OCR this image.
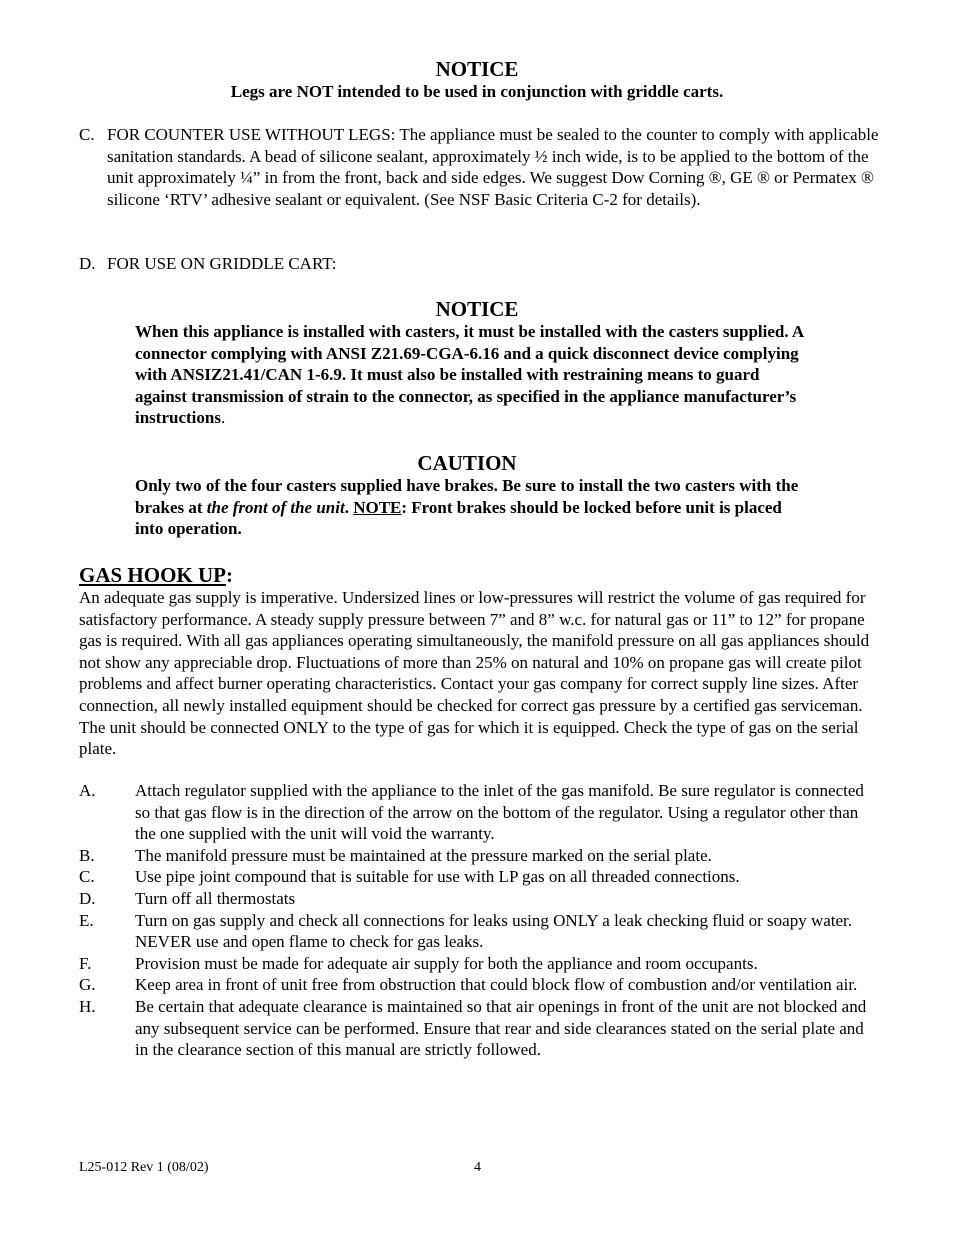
NOTICE
Legs are NOT intended to be used in conjunction with griddle carts.
C. FOR COUNTER USE WITHOUT LEGS: The appliance must be sealed to the counter to comply with applicable sanitation standards. A bead of silicone sealant, approximately ½ inch wide, is to be applied to the bottom of the unit approximately ¼” in from the front, back and side edges. We suggest Dow Corning ®, GE ® or Permatex ® silicone ‘RTV’ adhesive sealant or equivalent. (See NSF Basic Criteria C-2 for details).
D. FOR USE ON GRIDDLE CART:
NOTICE
When this appliance is installed with casters, it must be installed with the casters supplied. A connector complying with ANSI Z21.69-CGA-6.16 and a quick disconnect device complying with ANSIZ21.41/CAN 1-6.9. It must also be installed with restraining means to guard against transmission of strain to the connector, as specified in the appliance manufacturer’s instructions.
CAUTION
Only two of the four casters supplied have brakes. Be sure to install the two casters with the brakes at the front of the unit. NOTE: Front brakes should be locked before unit is placed into operation.
GAS HOOK UP:
An adequate gas supply is imperative. Undersized lines or low-pressures will restrict the volume of gas required for satisfactory performance. A steady supply pressure between 7” and 8” w.c. for natural gas or 11” to 12” for propane gas is required. With all gas appliances operating simultaneously, the manifold pressure on all gas appliances should not show any appreciable drop. Fluctuations of more than 25% on natural and 10% on propane gas will create pilot problems and affect burner operating characteristics. Contact your gas company for correct supply line sizes. After connection, all newly installed equipment should be checked for correct gas pressure by a certified gas serviceman. The unit should be connected ONLY to the type of gas for which it is equipped. Check the type of gas on the serial plate.
A. Attach regulator supplied with the appliance to the inlet of the gas manifold. Be sure regulator is connected so that gas flow is in the direction of the arrow on the bottom of the regulator. Using a regulator other than the one supplied with the unit will void the warranty.
B. The manifold pressure must be maintained at the pressure marked on the serial plate.
C. Use pipe joint compound that is suitable for use with LP gas on all threaded connections.
D. Turn off all thermostats
E. Turn on gas supply and check all connections for leaks using ONLY a leak checking fluid or soapy water. NEVER use and open flame to check for gas leaks.
F.	Provision must be made for adequate air supply for both the appliance and room occupants.
G. Keep area in front of unit free from obstruction that could block flow of combustion and/or ventilation air.
H. Be certain that adequate clearance is maintained so that air openings in front of the unit are not blocked and any subsequent service can be performed. Ensure that rear and side clearances stated on the serial plate and in the clearance section of this manual are strictly followed.
L25-012 Rev 1 (08/02)	4
